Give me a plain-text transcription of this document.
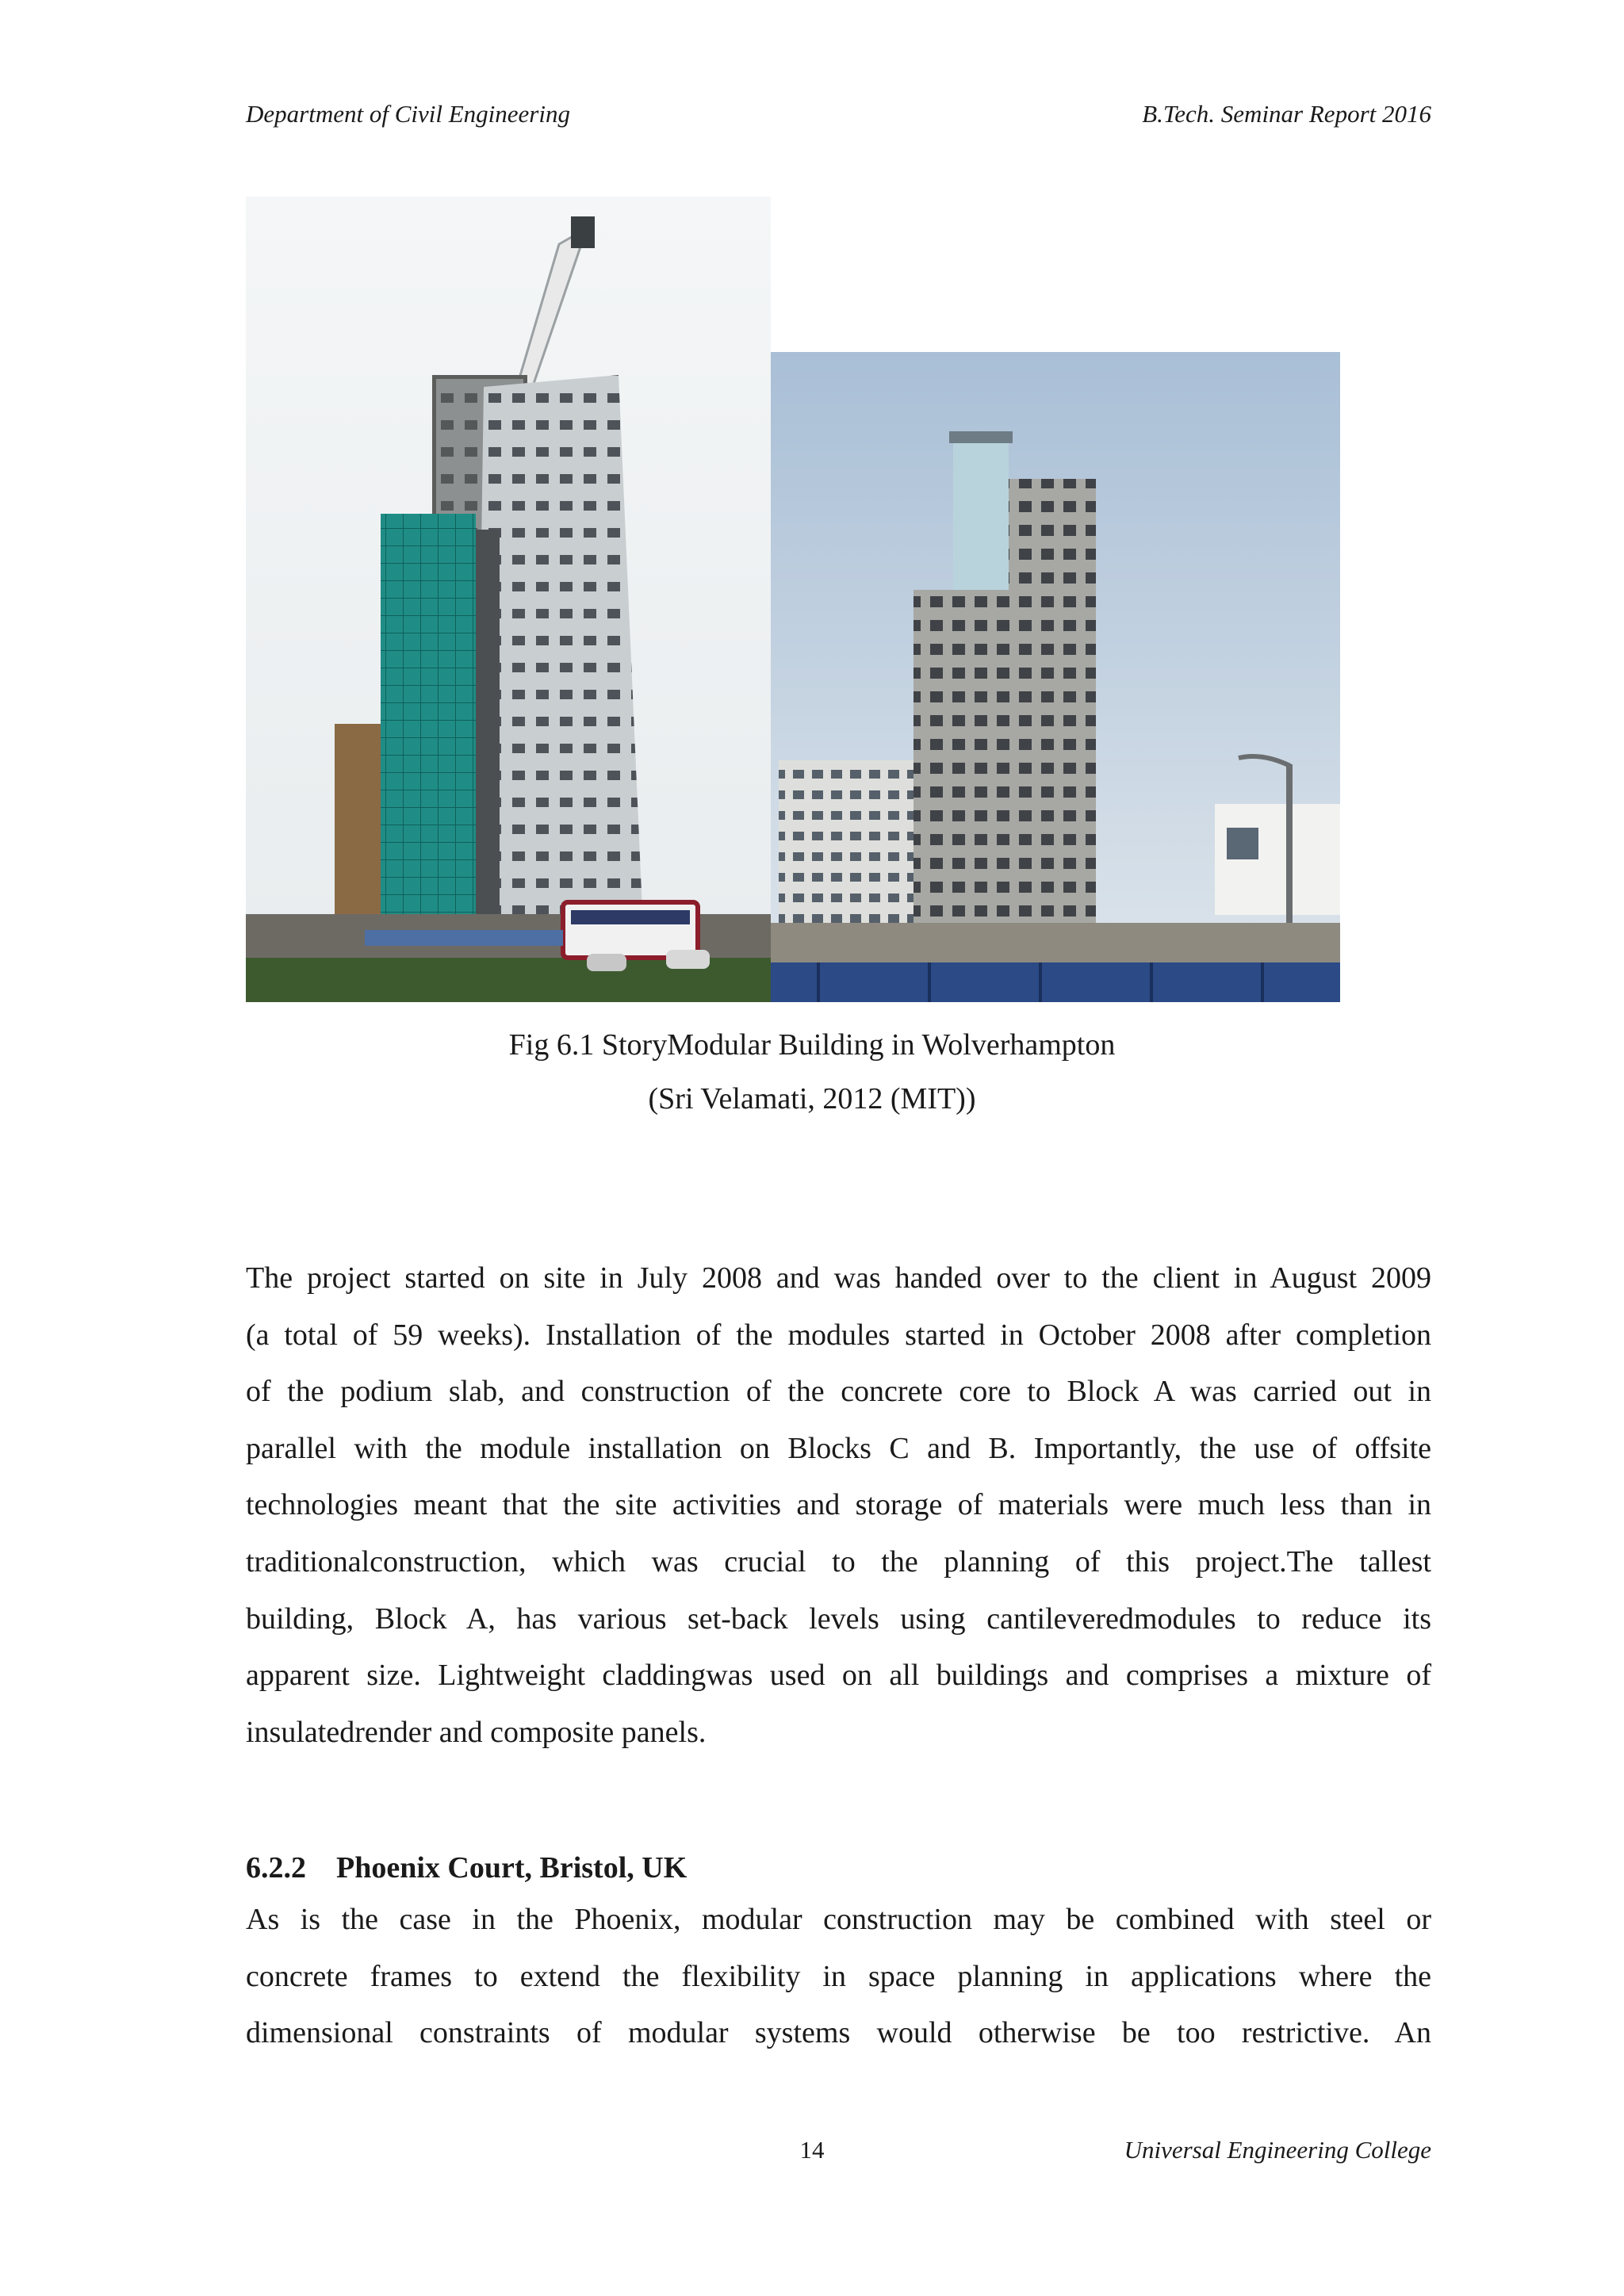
Department of Civil Engineering	B.Tech. Seminar Report 2016
Fig 6.1 StoryModular Building in Wolverhampton
(Sri Velamati, 2012 (MIT))
The project started on site in July 2008 and was handed over to the client in August 2009
(a total of 59 weeks). Installation of the modules started in October 2008 after completion
of the podium slab, and construction of the concrete core to Block A was carried out in
parallel with the module installation on Blocks C and B. Importantly, the use of offsite
technologies meant that the site activities and storage of materials were much less than in
traditionalconstruction, which was crucial to the planning of this project.The tallest
building, Block A, has various set-back levels using cantileveredmodules to reduce its
apparent size. Lightweight claddingwas used on all buildings and comprises a mixture of
insulatedrender and composite panels.
6.2.2 Phoenix Court, Bristol, UK
As is the case in the Phoenix, modular construction may be combined with steel or
concrete frames to extend the flexibility in space planning in applications where the
dimensional constraints of modular systems would otherwise be too restrictive. An
14	Universal Engineering College
